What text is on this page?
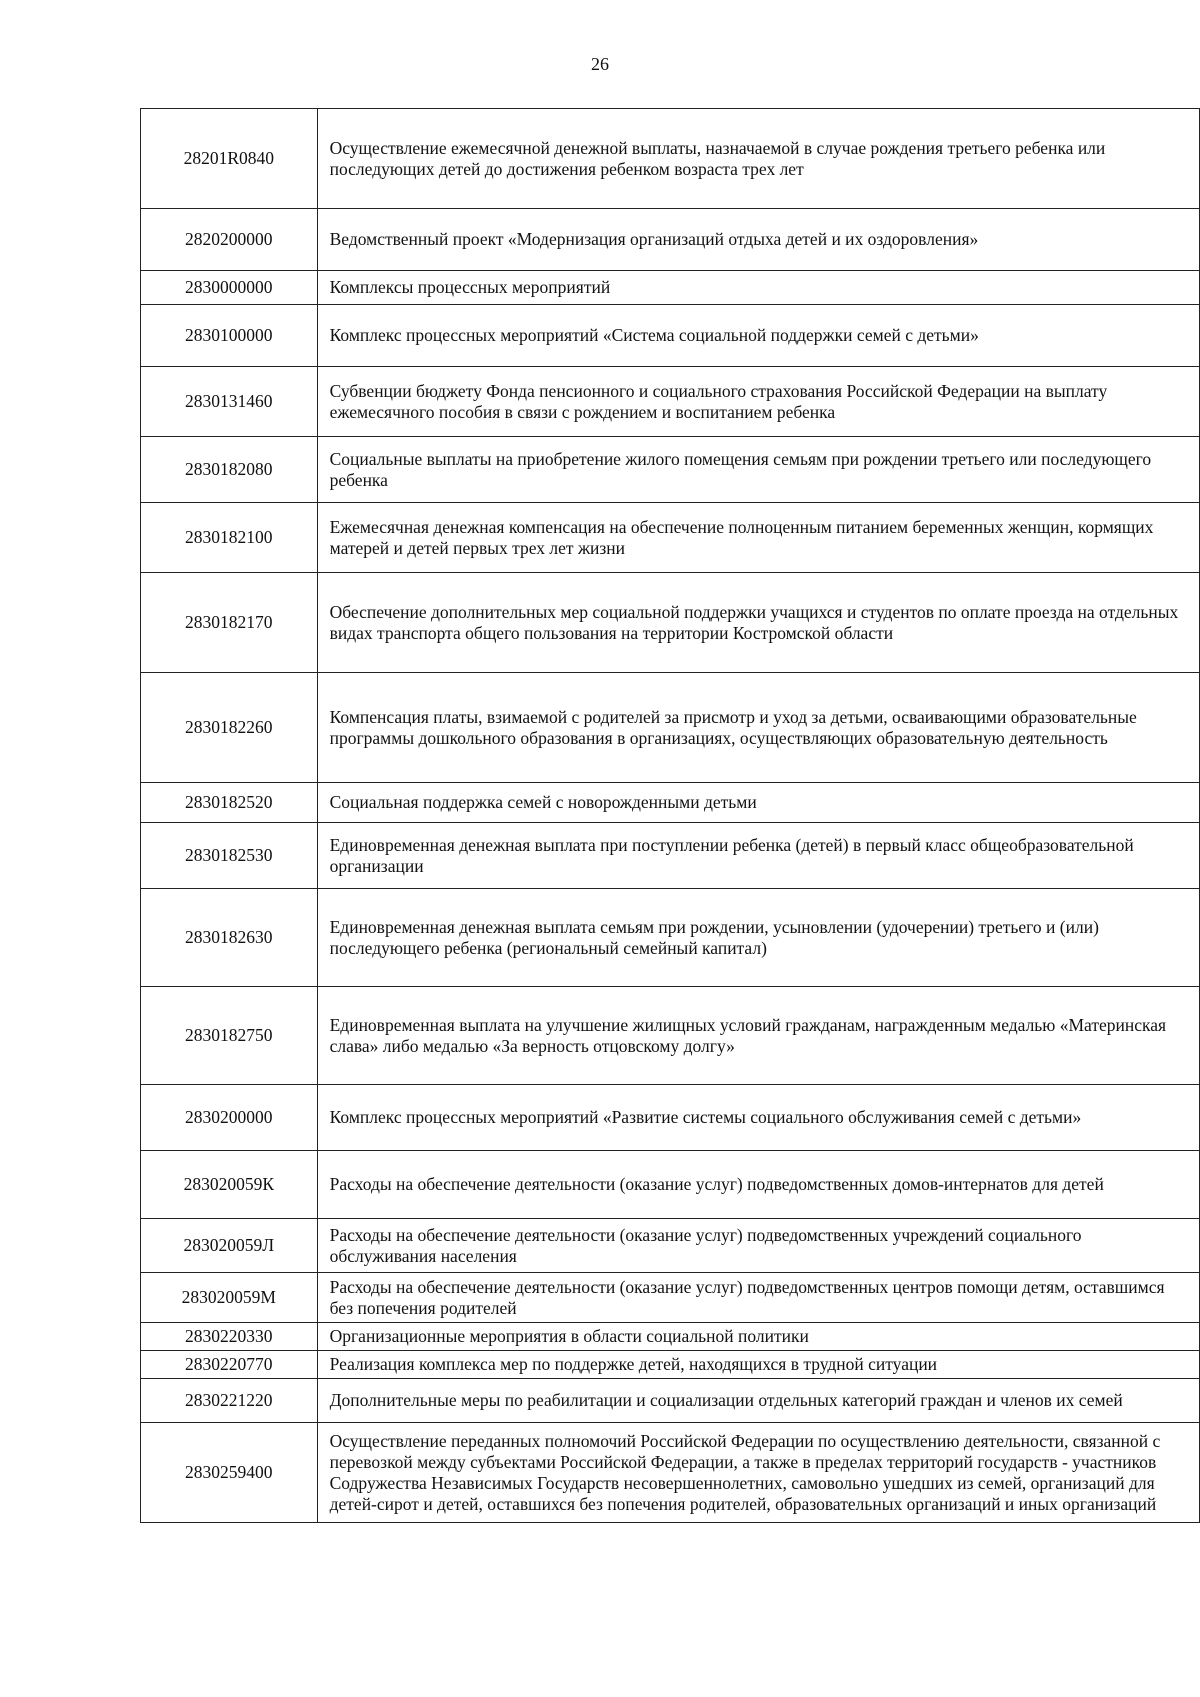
26
28201R0840	Осуществление ежемесячной денежной выплаты, назначаемой в случае рождения третьего ребенка или последующих детей до достижения ребенком возраста трех лет
2820200000	Ведомственный проект «Модернизация организаций отдыха детей и их оздоровления»
2830000000	Комплексы процессных мероприятий
2830100000	Комплекс процессных мероприятий «Система социальной поддержки семей с детьми»
2830131460	Субвенции бюджету Фонда пенсионного и социального страхования Российской Федерации на выплату ежемесячного пособия в связи с рождением и воспитанием ребенка
2830182080	Социальные выплаты на приобретение жилого помещения семьям при рождении третьего или последующего ребенка
2830182100	Ежемесячная денежная компенсация на обеспечение полноценным питанием беременных женщин, кормящих матерей и детей первых трех лет жизни
2830182170	Обеспечение дополнительных мер социальной поддержки учащихся и студентов по оплате проезда на отдельных видах транспорта общего пользования на территории Костромской области
2830182260	Компенсация платы, взимаемой с родителей за присмотр и уход за детьми, осваивающими образовательные программы дошкольного образования в организациях, осуществляющих образовательную деятельность
2830182520	Социальная поддержка семей с новорожденными детьми
2830182530	Единовременная денежная выплата при поступлении ребенка (детей) в первый класс общеобразовательной организации
2830182630	Единовременная денежная выплата семьям при рождении, усыновлении (удочерении) третьего и (или) последующего ребенка (региональный семейный капитал)
2830182750	Единовременная выплата на улучшение жилищных условий гражданам, награжденным медалью «Материнская слава» либо медалью «За верность отцовскому долгу»
2830200000	Комплекс процессных мероприятий «Развитие системы социального обслуживания семей с детьми»
283020059К	Расходы на обеспечение деятельности (оказание услуг) подведомственных домов-интернатов для детей
283020059Л	Расходы на обеспечение деятельности (оказание услуг) подведомственных учреждений социального обслуживания населения
283020059М	Расходы на обеспечение деятельности (оказание услуг) подведомственных центров помощи детям, оставшимся без попечения родителей
2830220330	Организационные мероприятия в области социальной политики
2830220770	Реализация комплекса мер по поддержке детей, находящихся в трудной ситуации
2830221220	Дополнительные меры по реабилитации и социализации отдельных категорий граждан и членов их семей
2830259400	Осуществление переданных полномочий Российской Федерации по осуществлению деятельности, связанной с перевозкой между субъектами Российской Федерации, а также в пределах территорий государств - участников Содружества Независимых Государств несовершеннолетних, самовольно ушедших из семей, организаций для детей-сирот и детей, оставшихся без попечения родителей, образовательных организаций и иных организаций
